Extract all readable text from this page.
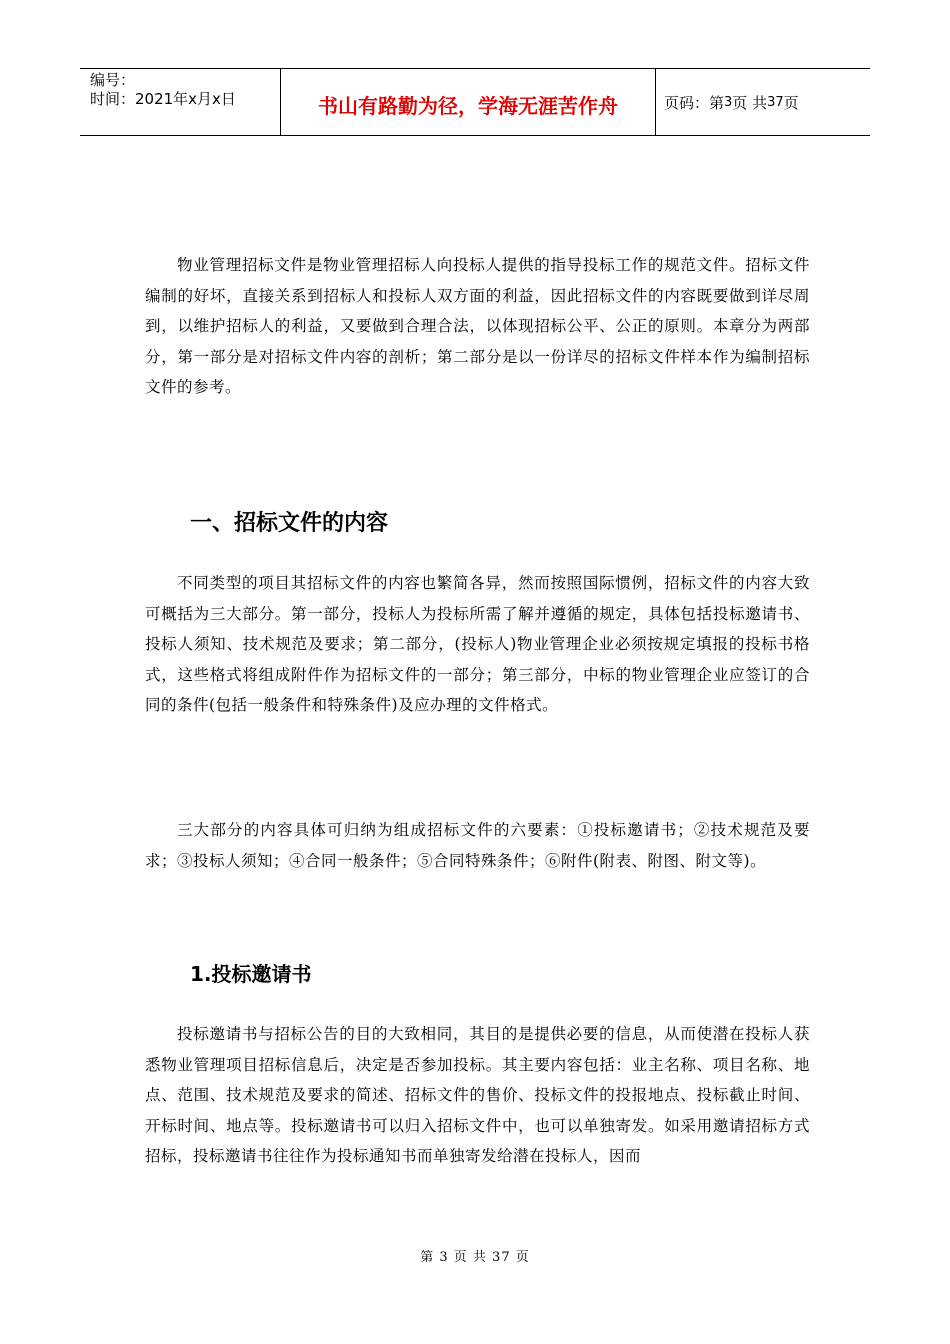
编号：
时间：2021年x月x日	书山有路勤为径，学海无涯苦作舟	页码：第 3 页 共 37 页

物业管理招标文件是物业管理招标人向投标人提供的指导投标工作的规范文件。招标文件编制的好坏，直接关系到招标人和投标人双方面的利益，因此招标文件的内容既要做到详尽周到，以维护招标人的利益，又要做到合理合法，以体现招标公平、公正的原则。本章分为两部分，第一部分是对招标文件内容的剖析；第二部分是以一份详尽的招标文件样本作为编制招标文件的参考。

一、招标文件的内容

不同类型的项目其招标文件的内容也繁简各异，然而按照国际惯例，招标文件的内容大致可概括为三大部分。第一部分，投标人为投标所需了解并遵循的规定，具体包括投标邀请书、投标人须知、技术规范及要求；第二部分，(投标人)物业管理企业必须按规定填报的投标书格式，这些格式将组成附件作为招标文件的一部分；第三部分，中标的物业管理企业应签订的合同的条件(包括一般条件和特殊条件)及应办理的文件格式。

三大部分的内容具体可归纳为组成招标文件的六要素：①投标邀请书；②技术规范及要求；③投标人须知；④合同一般条件；⑤合同特殊条件；⑥附件(附表、附图、附文等)。

1.投标邀请书

投标邀请书与招标公告的目的大致相同，其目的是提供必要的信息，从而使潜在投标人获悉物业管理项目招标信息后，决定是否参加投标。其主要内容包括：业主名称、项目名称、地点、范围、技术规范及要求的简述、招标文件的售价、投标文件的投报地点、投标截止时间、开标时间、地点等。投标邀请书可以归入招标文件中，也可以单独寄发。如采用邀请招标方式招标，投标邀请书往往作为投标通知书而单独寄发给潜在投标人，因而

第 3 页 共 37 页
